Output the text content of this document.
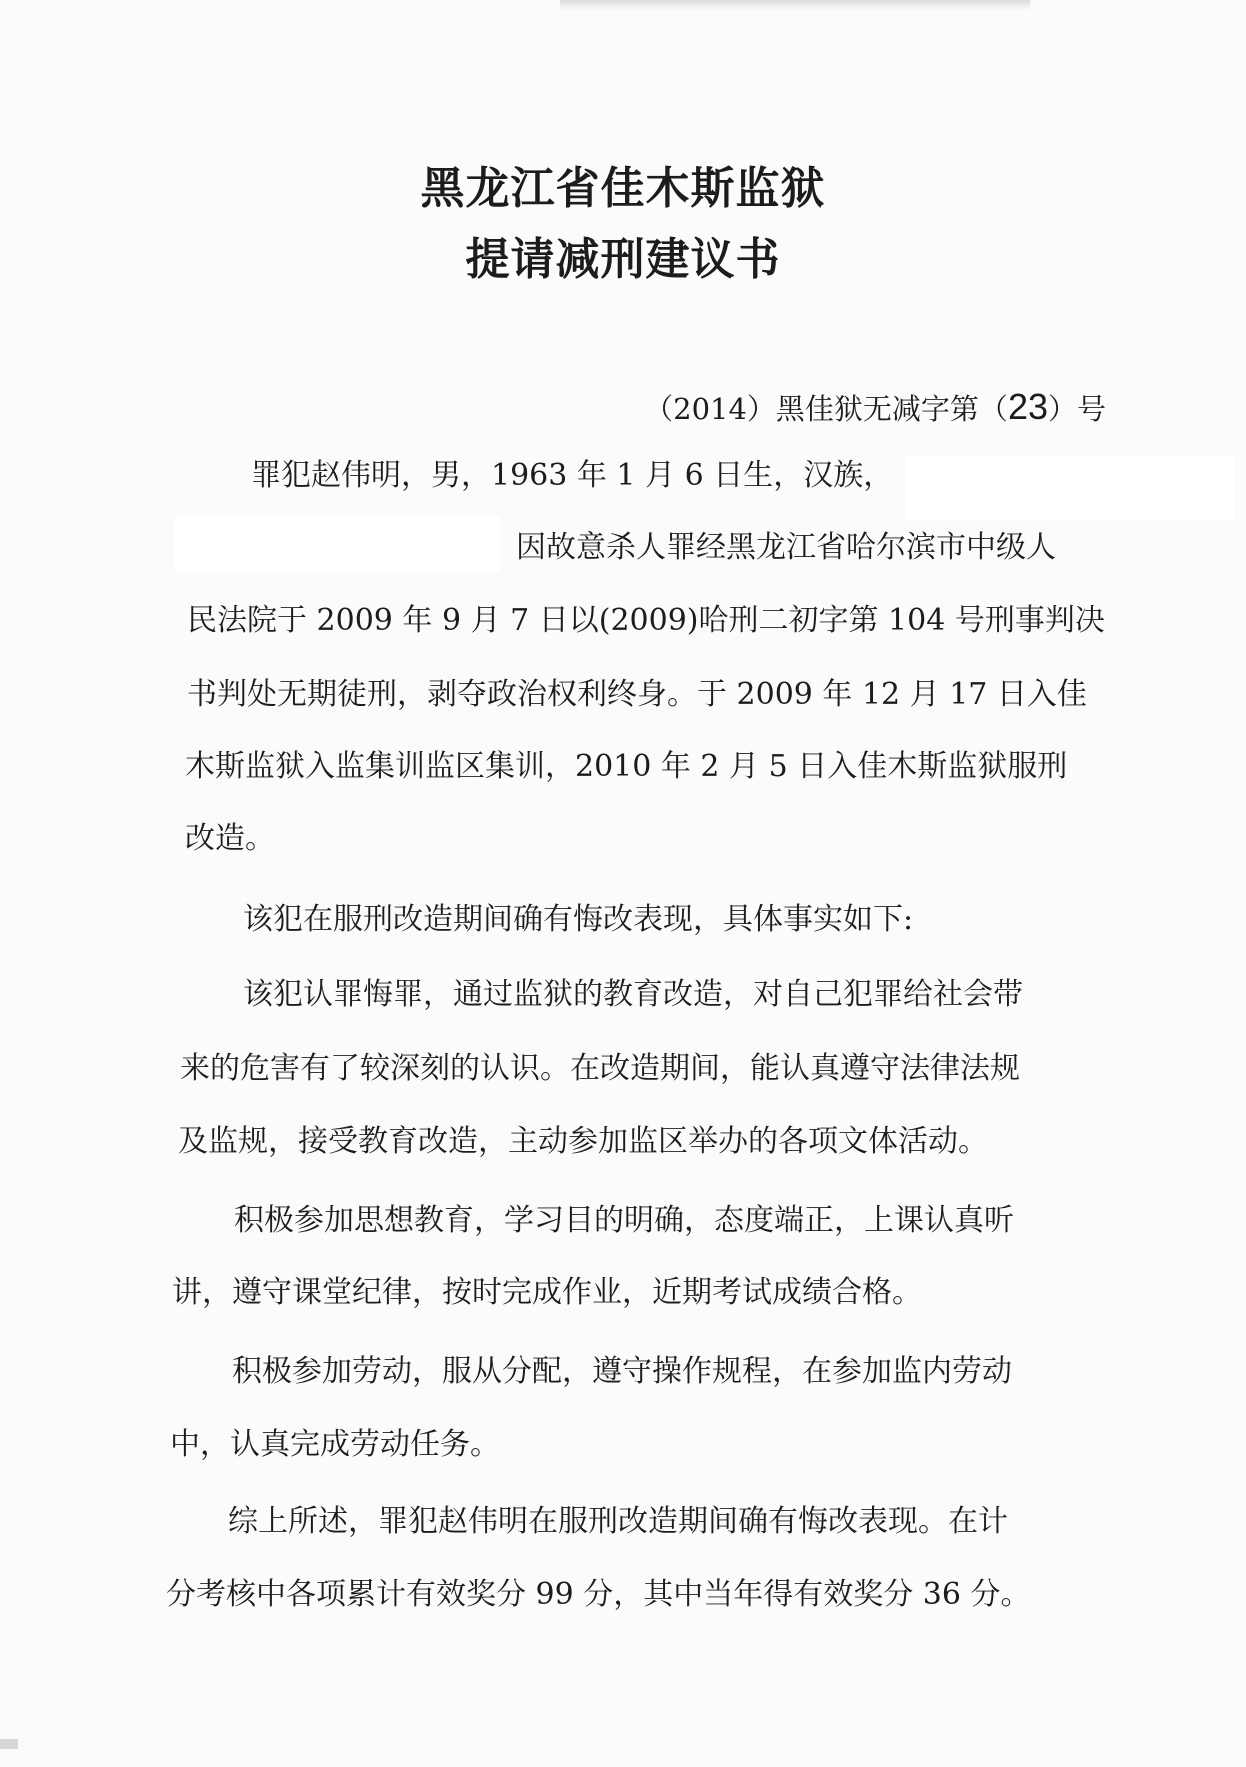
黑龙江省佳木斯监狱
提请减刑建议书
（2014）黑佳狱无减字第（23）号
罪犯赵伟明，男，1963 年 1 月 6 日生，汉族，
因故意杀人罪经黑龙江省哈尔滨市中级人
民法院于 2009 年 9 月 7 日以(2009)哈刑二初字第 104 号刑事判决
书判处无期徒刑，剥夺政治权利终身。于 2009 年 12 月 17 日入佳
木斯监狱入监集训监区集训，2010 年 2 月 5 日入佳木斯监狱服刑
改造。
该犯在服刑改造期间确有悔改表现，具体事实如下:
该犯认罪悔罪，通过监狱的教育改造，对自己犯罪给社会带
来的危害有了较深刻的认识。在改造期间，能认真遵守法律法规
及监规，接受教育改造，主动参加监区举办的各项文体活动。
积极参加思想教育，学习目的明确，态度端正，上课认真听
讲，遵守课堂纪律，按时完成作业，近期考试成绩合格。
积极参加劳动，服从分配，遵守操作规程，在参加监内劳动
中，认真完成劳动任务。
综上所述，罪犯赵伟明在服刑改造期间确有悔改表现。在计
分考核中各项累计有效奖分 99 分，其中当年得有效奖分 36 分。
